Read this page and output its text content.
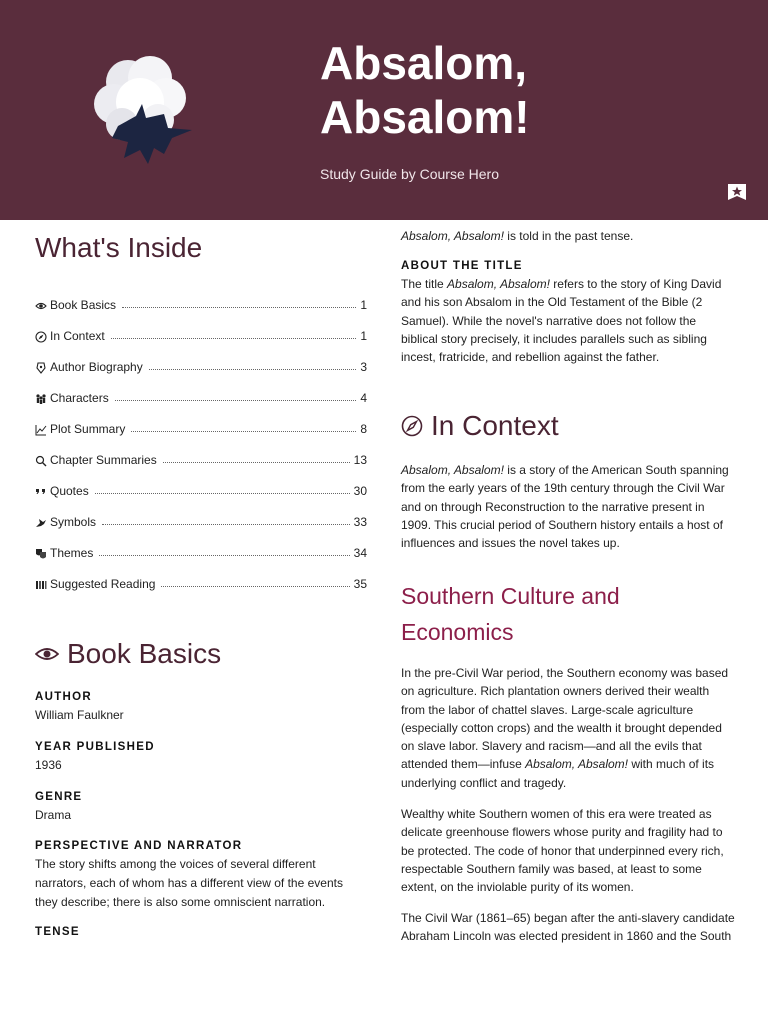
Absalom,
Absalom!
Study Guide by Course Hero
What's Inside
Book Basics	1
In Context	1
Author Biography	3
Characters	4
Plot Summary	8
Chapter Summaries	13
Quotes	30
Symbols	33
Themes	34
Suggested Reading	35
Book Basics
AUTHOR
William Faulkner
YEAR PUBLISHED
1936
GENRE
Drama
PERSPECTIVE AND NARRATOR
The story shifts among the voices of several different narrators, each of whom has a different view of the events they describe; there is also some omniscient narration.
TENSE
Absalom, Absalom! is told in the past tense.
ABOUT THE TITLE
The title Absalom, Absalom! refers to the story of King David and his son Absalom in the Old Testament of the Bible (2 Samuel). While the novel's narrative does not follow the biblical story precisely, it includes parallels such as sibling incest, fratricide, and rebellion against the father.
In Context
Absalom, Absalom! is a story of the American South spanning from the early years of the 19th century through the Civil War and on through Reconstruction to the narrative present in 1909. This crucial period of Southern history entails a host of influences and issues the novel takes up.
Southern Culture and Economics
In the pre-Civil War period, the Southern economy was based on agriculture. Rich plantation owners derived their wealth from the labor of chattel slaves. Large-scale agriculture (especially cotton crops) and the wealth it brought depended on slave labor. Slavery and racism—and all the evils that attended them—infuse Absalom, Absalom! with much of its underlying conflict and tragedy.
Wealthy white Southern women of this era were treated as delicate greenhouse flowers whose purity and fragility had to be protected. The code of honor that underpinned every rich, respectable Southern family was based, at least to some extent, on the inviolable purity of its women.
The Civil War (1861–65) began after the anti-slavery candidate Abraham Lincoln was elected president in 1860 and the South
